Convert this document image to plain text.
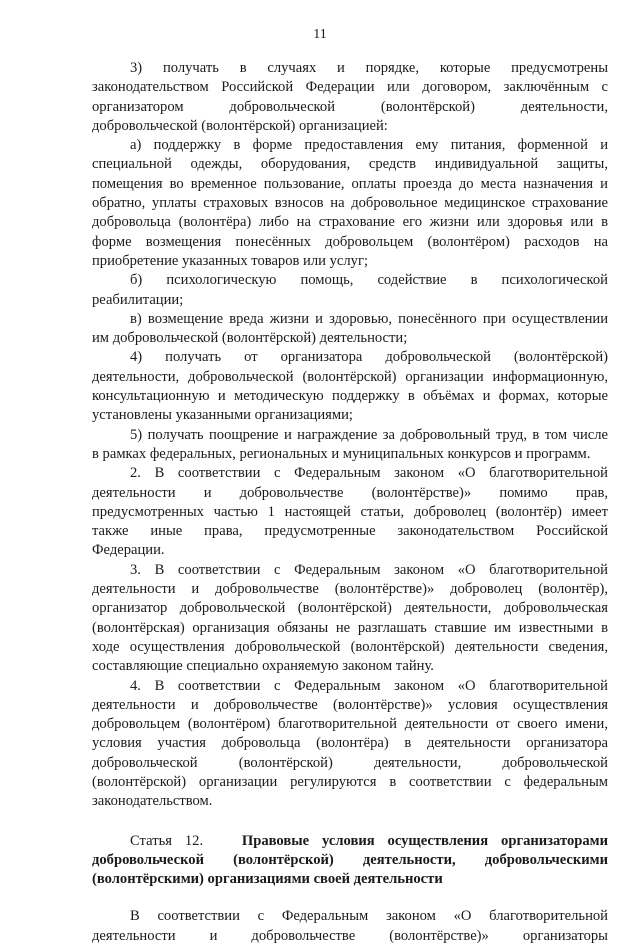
11
3) получать в случаях и порядке, которые предусмотрены
законодательством Российской Федерации или договором, заключённым с
организатором добровольческой (волонтёрской) деятельности,
добровольческой (волонтёрской) организацией:
а) поддержку в форме предоставления ему питания, форменной и
специальной одежды, оборудования, средств индивидуальной защиты,
помещения во временное пользование, оплаты проезда до места назначения и
обратно, уплаты страховых взносов на добровольное медицинское страхование
добровольца (волонтёра) либо на страхование его жизни или здоровья или в
форме возмещения понесённых добровольцем (волонтёром) расходов на
приобретение указанных товаров или услуг;
б) психологическую помощь, содействие в психологической
реабилитации;
в) возмещение вреда жизни и здоровью, понесённого при осуществлении
им добровольческой (волонтёрской) деятельности;
4) получать от организатора добровольческой (волонтёрской)
деятельности, добровольческой (волонтёрской) организации информационную,
консультационную и методическую поддержку в объёмах и формах, которые
установлены указанными организациями;
5) получать поощрение и награждение за добровольный труд, в том числе
в рамках федеральных, региональных и муниципальных конкурсов и программ.
2. В соответствии с Федеральным законом «О благотворительной
деятельности и добровольчестве (волонтёрстве)» помимо прав,
предусмотренных частью 1 настоящей статьи, доброволец (волонтёр) имеет
также иные права, предусмотренные законодательством Российской
Федерации.
3. В соответствии с Федеральным законом «О благотворительной
деятельности и добровольчестве (волонтёрстве)» доброволец (волонтёр),
организатор добровольческой (волонтёрской) деятельности, добровольческая
(волонтёрская) организация обязаны не разглашать ставшие им известными в
ходе осуществления добровольческой (волонтёрской) деятельности сведения,
составляющие специально охраняемую законом тайну.
4. В соответствии с Федеральным законом «О благотворительной
деятельности и добровольчестве (волонтёрстве)» условия осуществления
добровольцем (волонтёром) благотворительной деятельности от своего имени,
условия участия добровольца (волонтёра) в деятельности организатора
добровольческой (волонтёрской) деятельности, добровольческой
(волонтёрской) организации регулируются в соответствии с федеральным
законодательством.
Статья 12.	Правовые условия осуществления организаторами
добровольческой (волонтёрской) деятельности, добровольческими
(волонтёрскими) организациями своей деятельности
В соответствии с Федеральным законом «О благотворительной
деятельности и добровольчестве (волонтёрстве)» организаторы
